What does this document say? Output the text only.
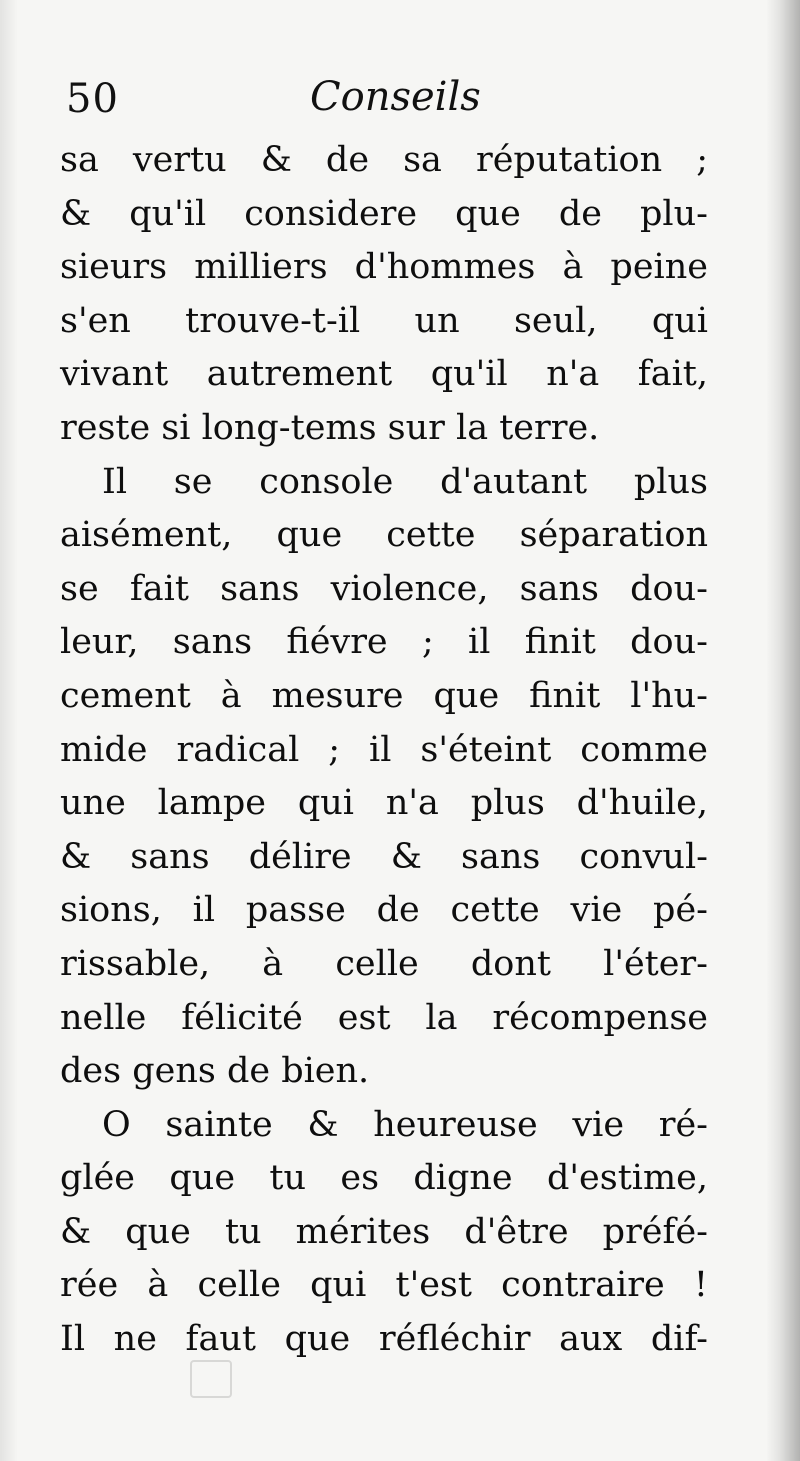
50	Conseils
sa vertu & de sa réputation ;
& qu'il considere que de plu-
sieurs milliers d'hommes à peine
s'en trouve-t-il un seul, qui
vivant autrement qu'il n'a fait,
reste si long-tems sur la terre.
Il se console d'autant plus
aisément, que cette séparation
se fait sans violence, sans dou-
leur, sans fiévre ; il finit dou-
cement à mesure que finit l'hu-
mide radical ; il s'éteint comme
une lampe qui n'a plus d'huile,
& sans délire & sans convul-
sions, il passe de cette vie pé-
rissable, à celle dont l'éter-
nelle félicité est la récompense
des gens de bien.
O sainte & heureuse vie ré-
glée que tu es digne d'estime,
& que tu mérites d'être préfé-
rée à celle qui t'est contraire !
Il ne faut que réfléchir aux dif-
